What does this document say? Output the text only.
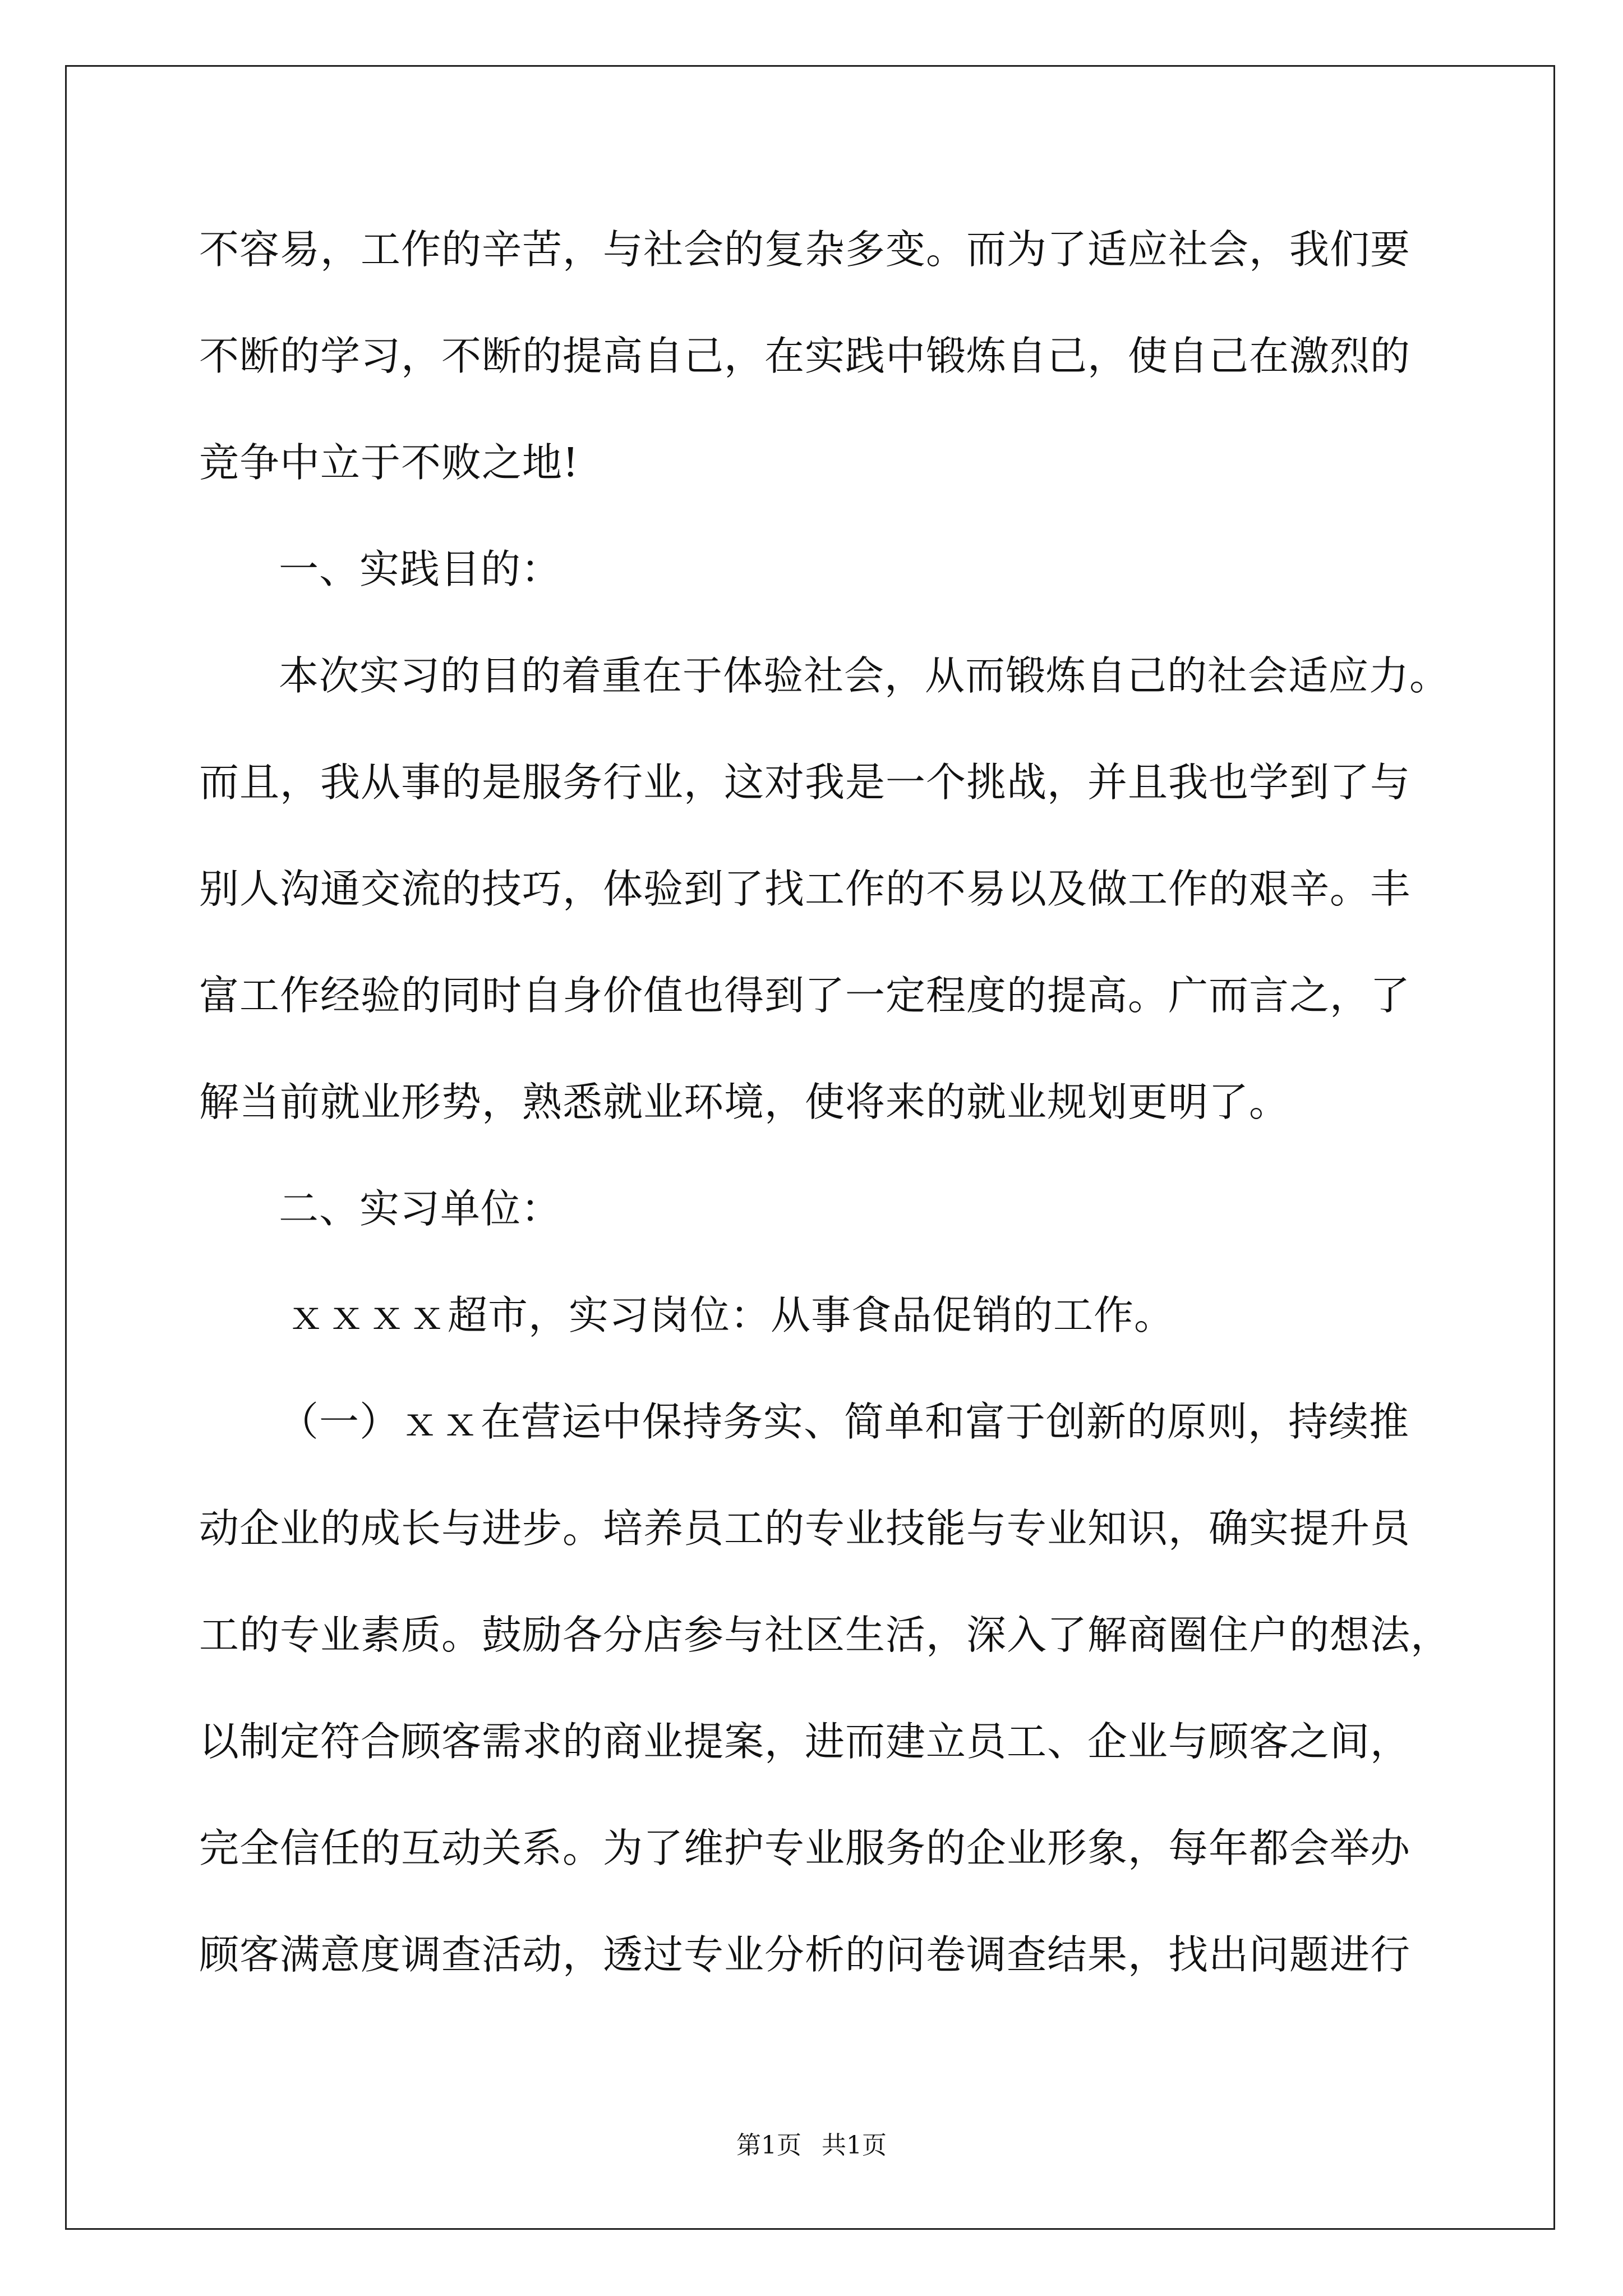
不容易，工作的辛苦，与社会的复杂多变。而为了适应社会，我们要
不断的学习，不断的提高自己，在实践中锻炼自己，使自己在激烈的
竞争中立于不败之地!
一、实践目的：
本次实习的目的着重在于体验社会，从而锻炼自己的社会适应力。
而且，我从事的是服务行业，这对我是一个挑战，并且我也学到了与
别人沟通交流的技巧，体验到了找工作的不易以及做工作的艰辛。丰
富工作经验的同时自身价值也得到了一定程度的提高。广而言之，了
解当前就业形势，熟悉就业环境，使将来的就业规划更明了。
二、实习单位：
ｘｘｘｘ超市，实习岗位：从事食品促销的工作。
（一）ｘｘ在营运中保持务实、简单和富于创新的原则，持续推
动企业的成长与进步。培养员工的专业技能与专业知识，确实提升员
工的专业素质。鼓励各分店参与社区生活，深入了解商圈住户的想法，
以制定符合顾客需求的商业提案，进而建立员工、企业与顾客之间，
完全信任的互动关系。为了维护专业服务的企业形象，每年都会举办
顾客满意度调查活动，透过专业分析的问卷调查结果，找出问题进行
第1页 共1页
